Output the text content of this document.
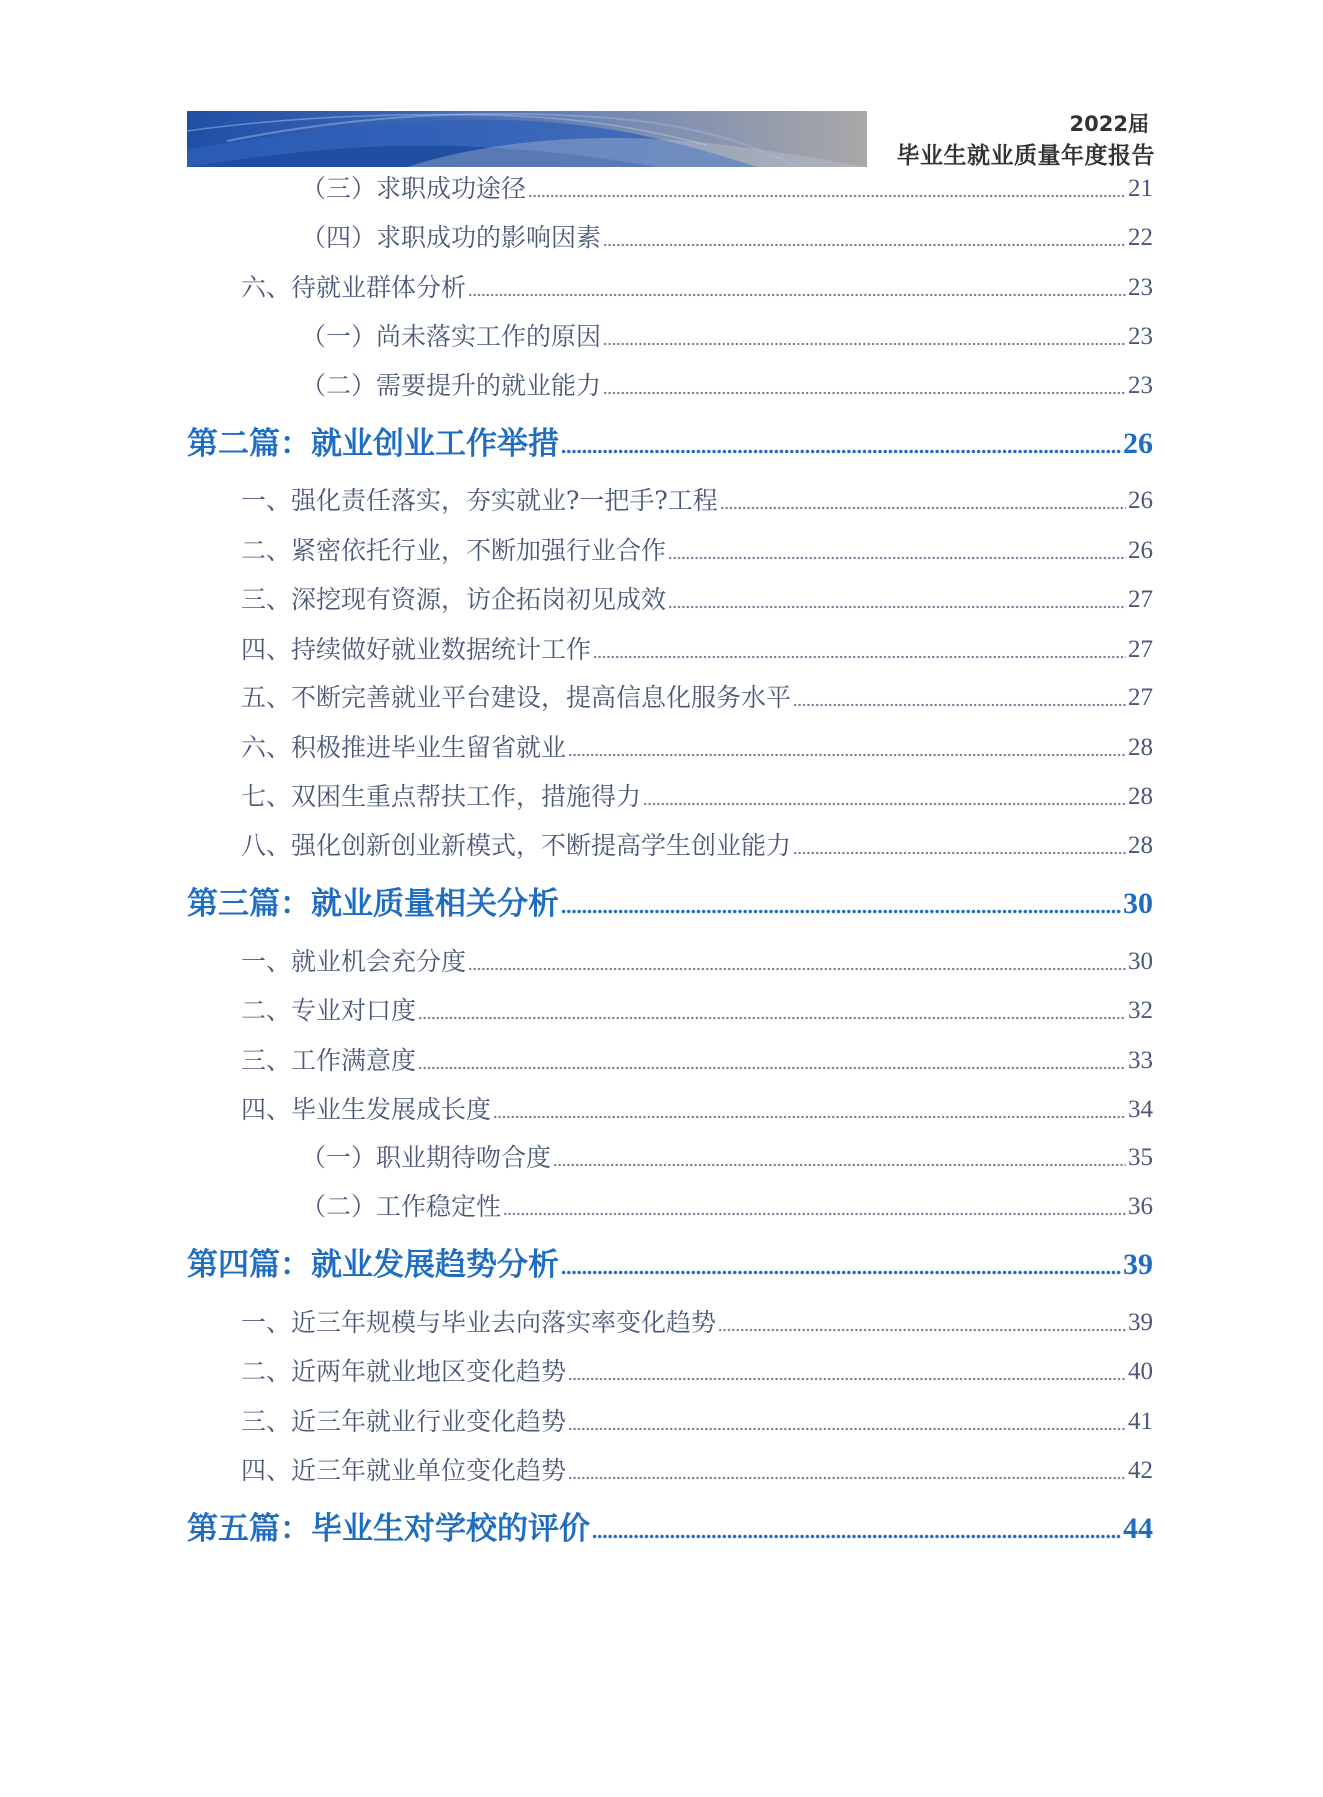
2022届
毕业生就业质量年度报告
（三）求职成功途径	21
（四）求职成功的影响因素	22
六、待就业群体分析	23
（一）尚未落实工作的原因	23
（二）需要提升的就业能力	23
第二篇：就业创业工作举措	26
一、强化责任落实，夯实就业?一把手?工程	26
二、紧密依托行业，不断加强行业合作	26
三、深挖现有资源，访企拓岗初见成效	27
四、持续做好就业数据统计工作	27
五、不断完善就业平台建设，提高信息化服务水平	27
六、积极推进毕业生留省就业	28
七、双困生重点帮扶工作，措施得力	28
八、强化创新创业新模式，不断提高学生创业能力	28
第三篇：就业质量相关分析	30
一、就业机会充分度	30
二、专业对口度	32
三、工作满意度	33
四、毕业生发展成长度	34
（一）职业期待吻合度	35
（二）工作稳定性	36
第四篇：就业发展趋势分析	39
一、近三年规模与毕业去向落实率变化趋势	39
二、近两年就业地区变化趋势	40
三、近三年就业行业变化趋势	41
四、近三年就业单位变化趋势	42
第五篇：毕业生对学校的评价	44
